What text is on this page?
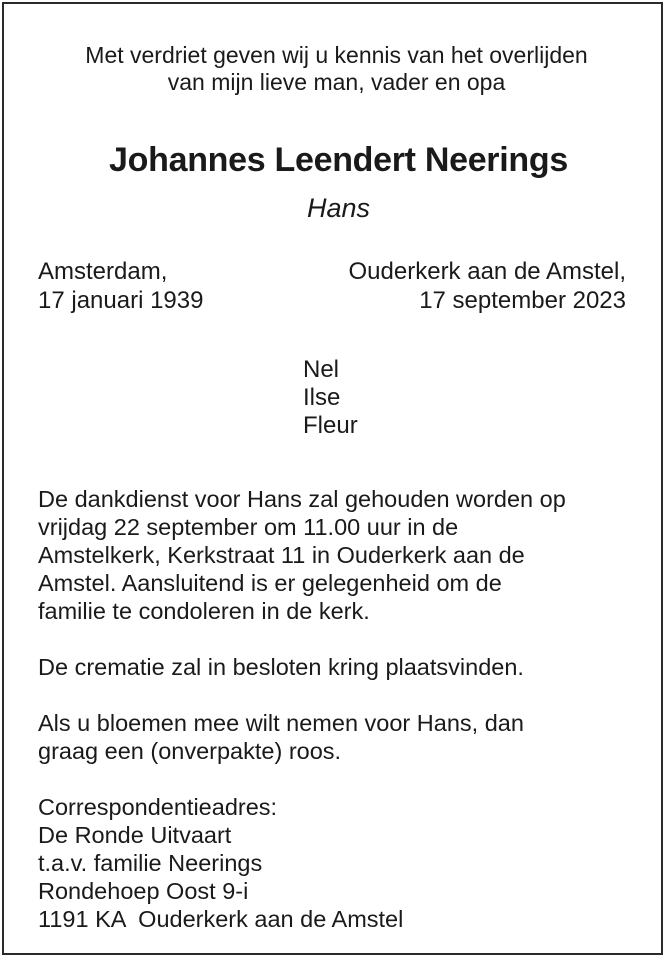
Met verdriet geven wij u kennis van het overlijden
van mijn lieve man, vader en opa
Johannes Leendert Neerings
Hans
Amsterdam,
17 januari 1939
Ouderkerk aan de Amstel,
17 september 2023
Nel
Ilse
Fleur
De dankdienst voor Hans zal gehouden worden op
vrijdag 22 september om 11.00 uur in de
Amstelkerk, Kerkstraat 11 in Ouderkerk aan de
Amstel. Aansluitend is er gelegenheid om de
familie te condoleren in de kerk.
De crematie zal in besloten kring plaatsvinden.
Als u bloemen mee wilt nemen voor Hans, dan
graag een (onverpakte) roos.
Correspondentieadres:
De Ronde Uitvaart
t.a.v. familie Neerings
Rondehoep Oost 9-i
1191 KA  Ouderkerk aan de Amstel
